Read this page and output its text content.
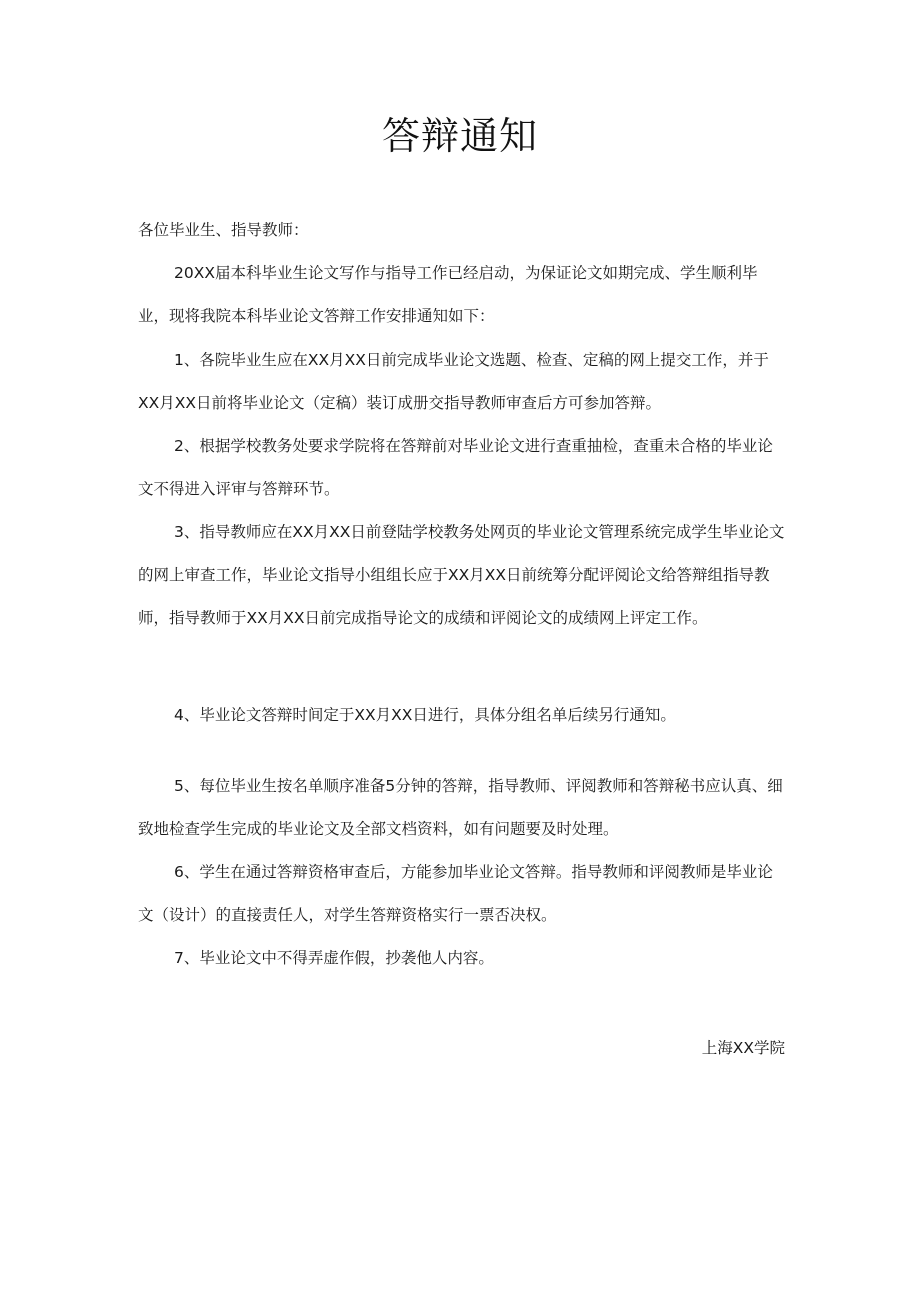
答辩通知
各位毕业生、指导教师：
20XX届本科毕业生论文写作与指导工作已经启动，为保证论文如期完成、学生顺利毕业，现将我院本科毕业论文答辩工作安排通知如下：
1、各院毕业生应在XX月XX日前完成毕业论文选题、检查、定稿的网上提交工作，并于XX月XX日前将毕业论文（定稿）装订成册交指导教师审查后方可参加答辩。
2、根据学校教务处要求学院将在答辩前对毕业论文进行查重抽检，查重未合格的毕业论文不得进入评审与答辩环节。
3、指导教师应在XX月XX日前登陆学校教务处网页的毕业论文管理系统完成学生毕业论文的网上审查工作，毕业论文指导小组组长应于XX月XX日前统筹分配评阅论文给答辩组指导教师，指导教师于XX月XX日前完成指导论文的成绩和评阅论文的成绩网上评定工作。
4、毕业论文答辩时间定于XX月XX日进行，具体分组名单后续另行通知。
5、每位毕业生按名单顺序准备5分钟的答辩，指导教师、评阅教师和答辩秘书应认真、细致地检查学生完成的毕业论文及全部文档资料，如有问题要及时处理。
6、学生在通过答辩资格审查后，方能参加毕业论文答辩。指导教师和评阅教师是毕业论文（设计）的直接责任人，对学生答辩资格实行一票否决权。
7、毕业论文中不得弄虚作假，抄袭他人内容。
上海XX学院
